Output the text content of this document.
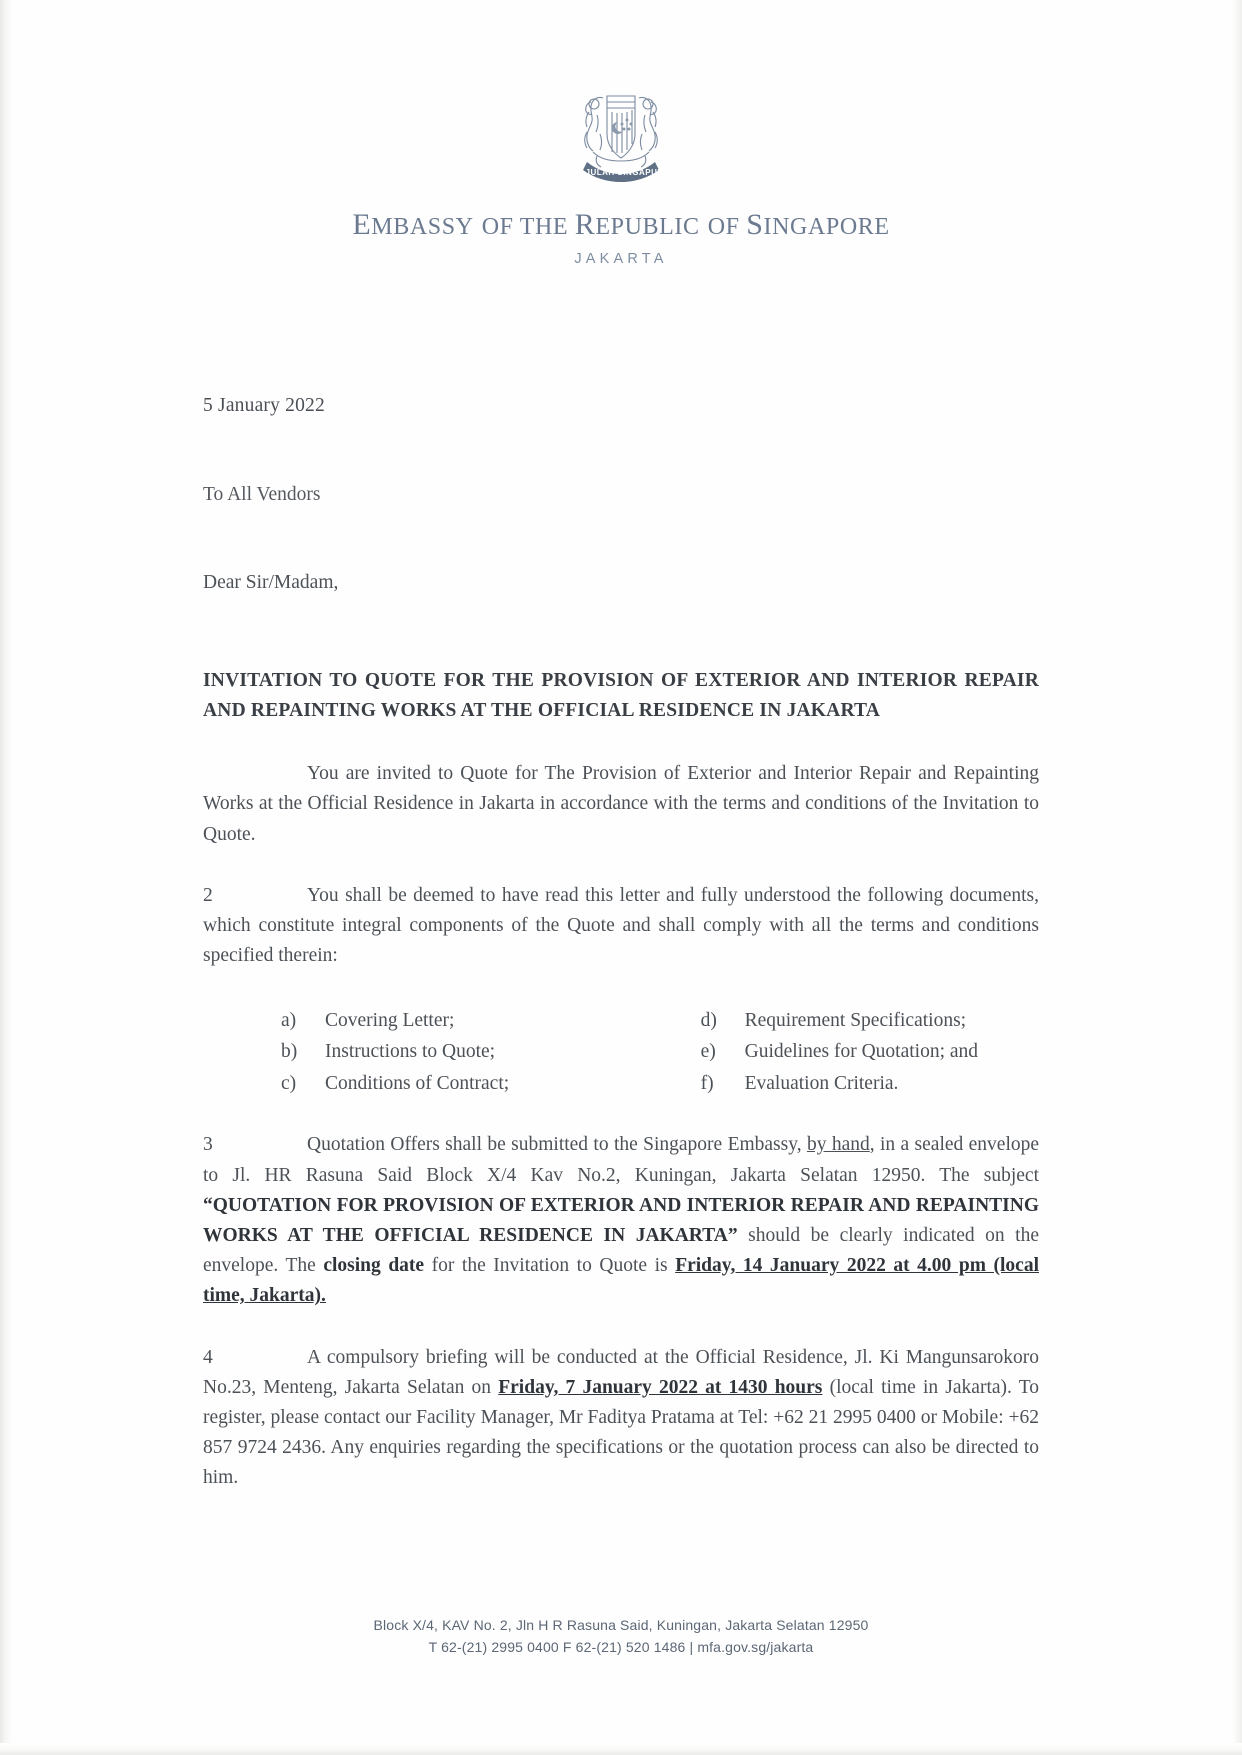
MAJULAH SINGAPURA
EMBASSY OF THE REPUBLIC OF SINGAPORE
JAKARTA
5 January 2022
To All Vendors
Dear Sir/Madam,
INVITATION TO QUOTE FOR THE PROVISION OF EXTERIOR AND INTERIOR REPAIR AND REPAINTING WORKS AT THE OFFICIAL RESIDENCE IN JAKARTA

You are invited to Quote for The Provision of Exterior and Interior Repair and Repainting Works at the Official Residence in Jakarta in accordance with the terms and conditions of the Invitation to Quote.

2	You shall be deemed to have read this letter and fully understood the following documents, which constitute integral components of the Quote and shall comply with all the terms and conditions specified therein:

a)	Covering Letter;
b)	Instructions to Quote;
c)	Conditions of Contract;
d)	Requirement Specifications;
e)	Guidelines for Quotation; and
f)	Evaluation Criteria.

3	Quotation Offers shall be submitted to the Singapore Embassy, by hand, in a sealed envelope to Jl. HR Rasuna Said Block X/4 Kav No.2, Kuningan, Jakarta Selatan 12950. The subject “QUOTATION FOR PROVISION OF EXTERIOR AND INTERIOR REPAIR AND REPAINTING WORKS AT THE OFFICIAL RESIDENCE IN JAKARTA” should be clearly indicated on the envelope. The closing date for the Invitation to Quote is Friday, 14 January 2022 at 4.00 pm (local time, Jakarta).

4	A compulsory briefing will be conducted at the Official Residence, Jl. Ki Mangunsarokoro No.23, Menteng, Jakarta Selatan on Friday, 7 January 2022 at 1430 hours (local time in Jakarta). To register, please contact our Facility Manager, Mr Faditya Pratama at Tel: +62 21 2995 0400 or Mobile: +62 857 9724 2436. Any enquiries regarding the specifications or the quotation process can also be directed to him.

Block X/4, KAV No. 2, Jln H R Rasuna Said, Kuningan, Jakarta Selatan 12950
T 62-(21) 2995 0400 F 62-(21) 520 1486 | mfa.gov.sg/jakarta
